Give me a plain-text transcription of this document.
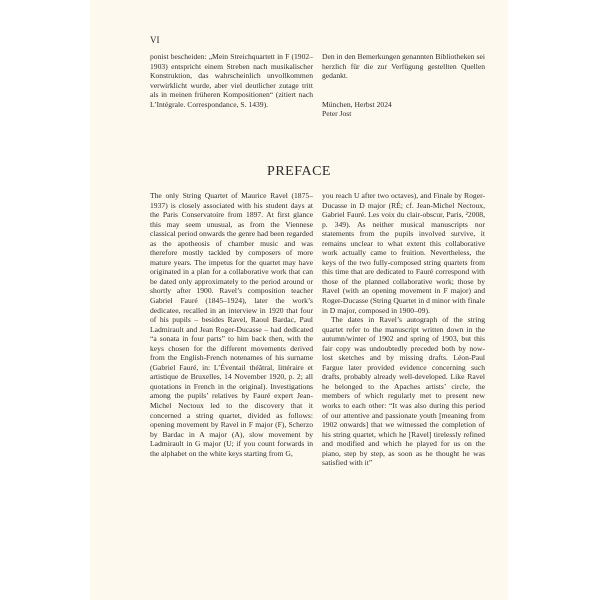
VI

ponist bescheiden: „Mein Streichquartett in F (1902–1903) entspricht einem Streben nach musikalischer Konstruktion, das wahrscheinlich unvollkommen verwirklicht wurde, aber viel deutlicher zutage tritt als in meinen früheren Kompositionen“ (zitiert nach L’Intégrale. Correspondance, S. 1439).

Den in den Bemerkungen genannten Bibliotheken sei herzlich für die zur Verfügung gestellten Quellen gedankt.

München, Herbst 2024
Peter Jost

PREFACE

The only String Quartet of Maurice Ravel (1875–1937) is closely associated with his student days at the Paris Conservatoire from 1897. At first glance this may seem unusual, as from the Viennese classical period onwards the genre had been regarded as the apotheosis of chamber music and was therefore mostly tackled by composers of more mature years. The impetus for the quartet may have originated in a plan for a collaborative work that can be dated only approximately to the period around or shortly after 1900. Ravel’s composition teacher Gabriel Fauré (1845–1924), later the work’s dedicatee, recalled in an interview in 1920 that four of his pupils – besides Ravel, Raoul Bardac, Paul Ladmirault and Jean Roger-Ducasse – had dedicated “a sonata in four parts” to him back then, with the keys chosen for the different movements derived from the English-French notenames of his surname (Gabriel Fauré, in: L’Éventail théâtral, littéraire et artistique de Bruxelles, 14 November 1920, p. 2; all quotations in French in the original). Investigations among the pupils’ relatives by Fauré expert Jean-Michel Nectoux led to the discovery that it concerned a string quartet, divided as follows: opening movement by Ravel in F major (F), Scherzo by Bardac in A major (A), slow movement by Ladmirault in G major (U; if you count forwards in the alphabet on the white keys starting from G,

you reach U after two octaves), and Finale by Roger-Ducasse in D major (RÉ; cf. Jean-Michel Nectoux, Gabriel Fauré. Les voix du clair-obscur, Paris, ²2008, p. 349). As neither musical manuscripts nor statements from the pupils involved survive, it remains unclear to what extent this collaborative work actually came to fruition. Nevertheless, the keys of the two fully-composed string quartets from this time that are dedicated to Fauré correspond with those of the planned collaborative work; those by Ravel (with an opening movement in F major) and Roger-Ducasse (String Quartet in d minor with finale in D major, composed in 1900–09).

The dates in Ravel’s autograph of the string quartet refer to the manuscript written down in the autumn/winter of 1902 and spring of 1903, but this fair copy was undoubtedly preceded both by now-lost sketches and by missing drafts. Léon-Paul Fargue later provided evidence concerning such drafts, probably already well-developed. Like Ravel he belonged to the Apaches artists’ circle, the members of which regularly met to present new works to each other: “It was also during this period of our attentive and passionate youth [meaning from 1902 onwards] that we witnessed the completion of his string quartet, which he [Ravel] tirelessly refined and modified and which he played for us on the piano, step by step, as soon as he thought he was satisfied with it”
